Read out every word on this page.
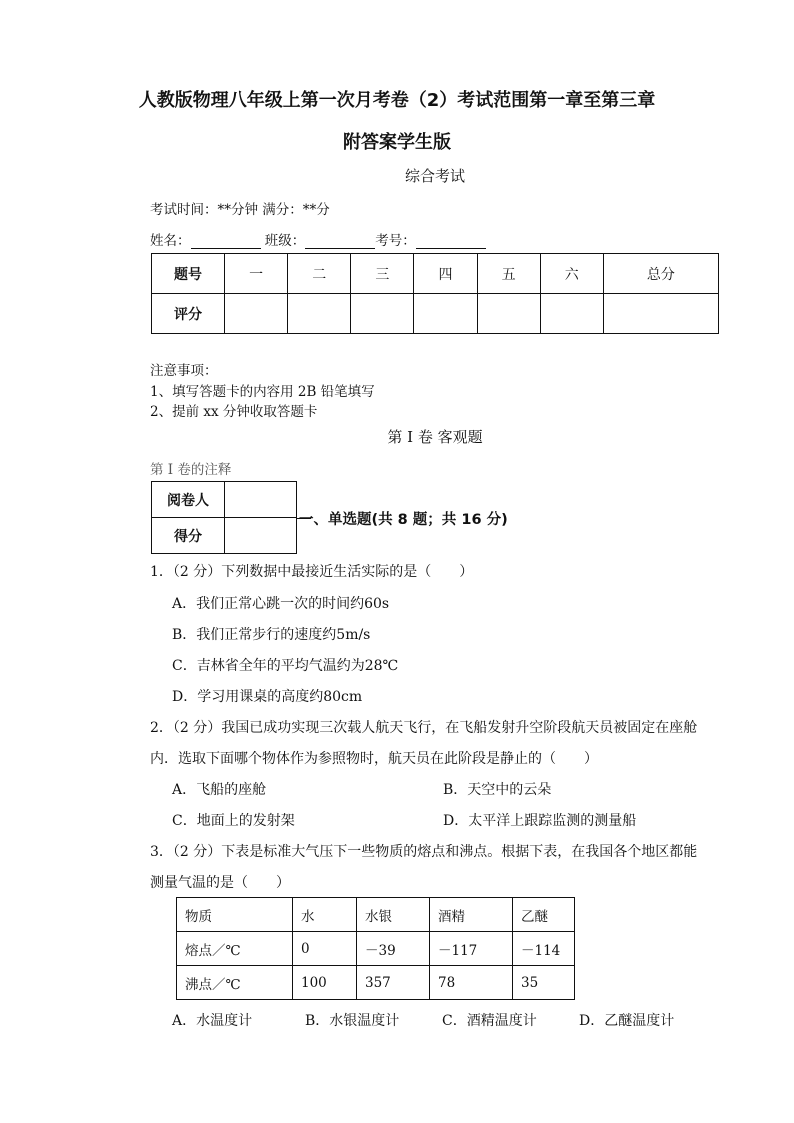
人教版物理八年级上第一次月考卷（2）考试范围第一章至第三章
附答案学生版
综合考试
考试时间：**分钟 满分：**分
姓名：	班级：	考号：
题号	一	二	三	四	五	六	总分
评分							
注意事项：
1、填写答题卡的内容用 2B 铅笔填写
2、提前 xx 分钟收取答题卡
第 I 卷 客观题
第 I 卷的注释
阅卷人	
得分	
一、单选题(共 8 题；共 16 分)
1．（2 分）下列数据中最接近生活实际的是（　　）
A．我们正常心跳一次的时间约60s
B．我们正常步行的速度约5m/s
C．吉林省全年的平均气温约为28℃
D．学习用课桌的高度约80cm
2．（2 分）我国已成功实现三次载人航天飞行，在飞船发射升空阶段航天员被固定在座舱
内．选取下面哪个物体作为参照物时，航天员在此阶段是静止的（　　）
A．飞船的座舱	B．天空中的云朵
C．地面上的发射架	D．太平洋上跟踪监测的测量船
3．（2 分）下表是标准大气压下一些物质的熔点和沸点。根据下表，在我国各个地区都能
测量气温的是（　　）
物质	水	水银	酒精	乙醚
熔点／℃	0	－39	－117	－114
沸点／℃	100	357	78	35
A．水温度计	B．水银温度计	C．酒精温度计	D．乙醚温度计
